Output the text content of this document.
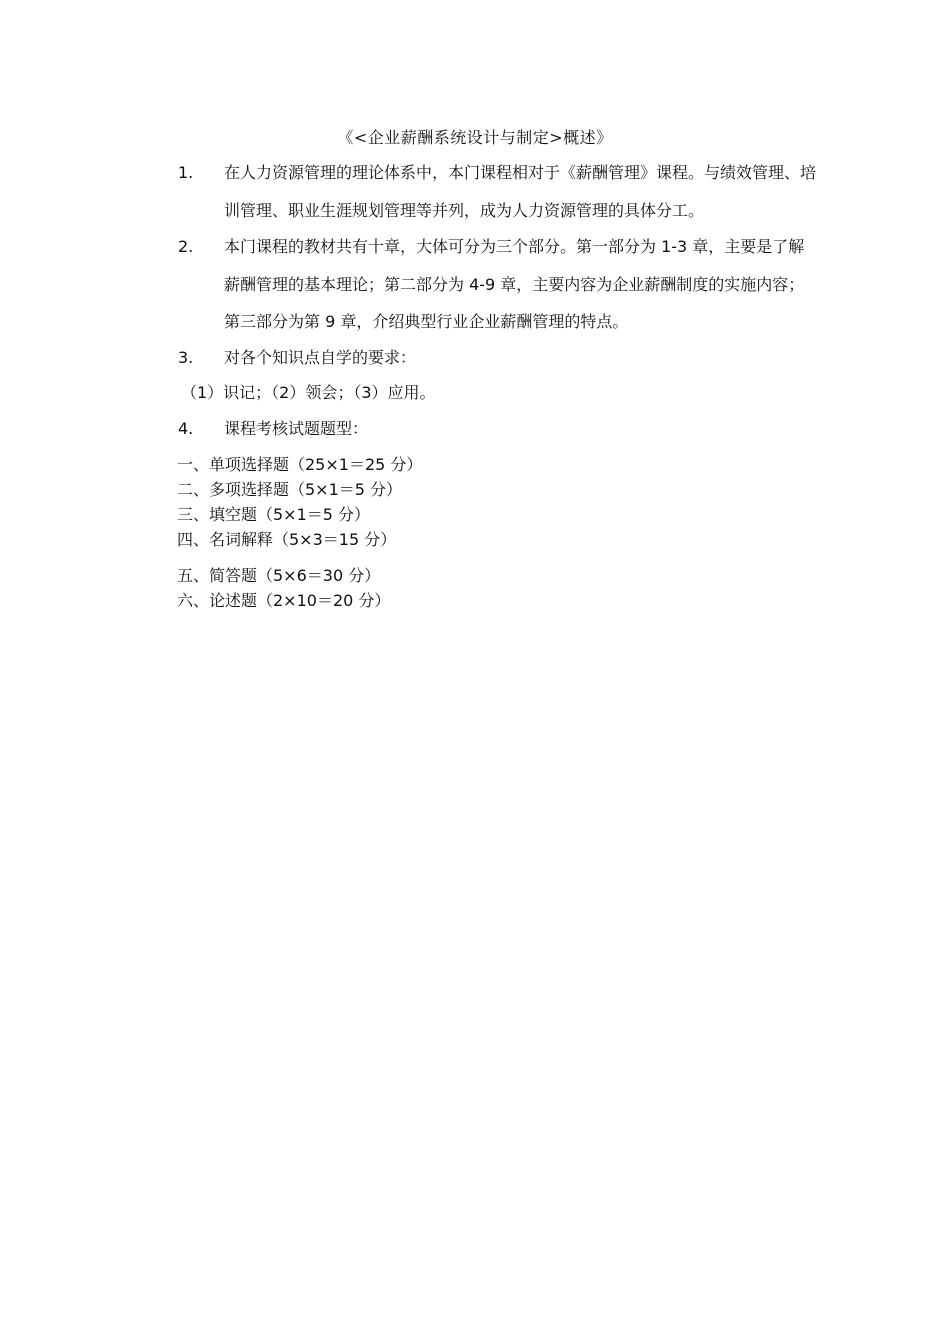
《<企业薪酬系统设计与制定>概述》
1. 在人力资源管理的理论体系中，本门课程相对于《薪酬管理》课程。与绩效管理、培训管理、职业生涯规划管理等并列，成为人力资源管理的具体分工。
2. 本门课程的教材共有十章，大体可分为三个部分。第一部分为 1-3 章，主要是了解薪酬管理的基本理论；第二部分为 4-9 章，主要内容为企业薪酬制度的实施内容；第三部分为第 9 章，介绍典型行业企业薪酬管理的特点。
3. 对各个知识点自学的要求：
（1）识记；（2）领会；（3）应用。
4. 课程考核试题题型：
一、单项选择题（25×1＝25 分）
二、多项选择题（5×1＝5 分）
三、填空题（5×1＝5 分）
四、名词解释（5×3＝15 分）
五、简答题（5×6＝30 分）
六、论述题（2×10＝20 分）
